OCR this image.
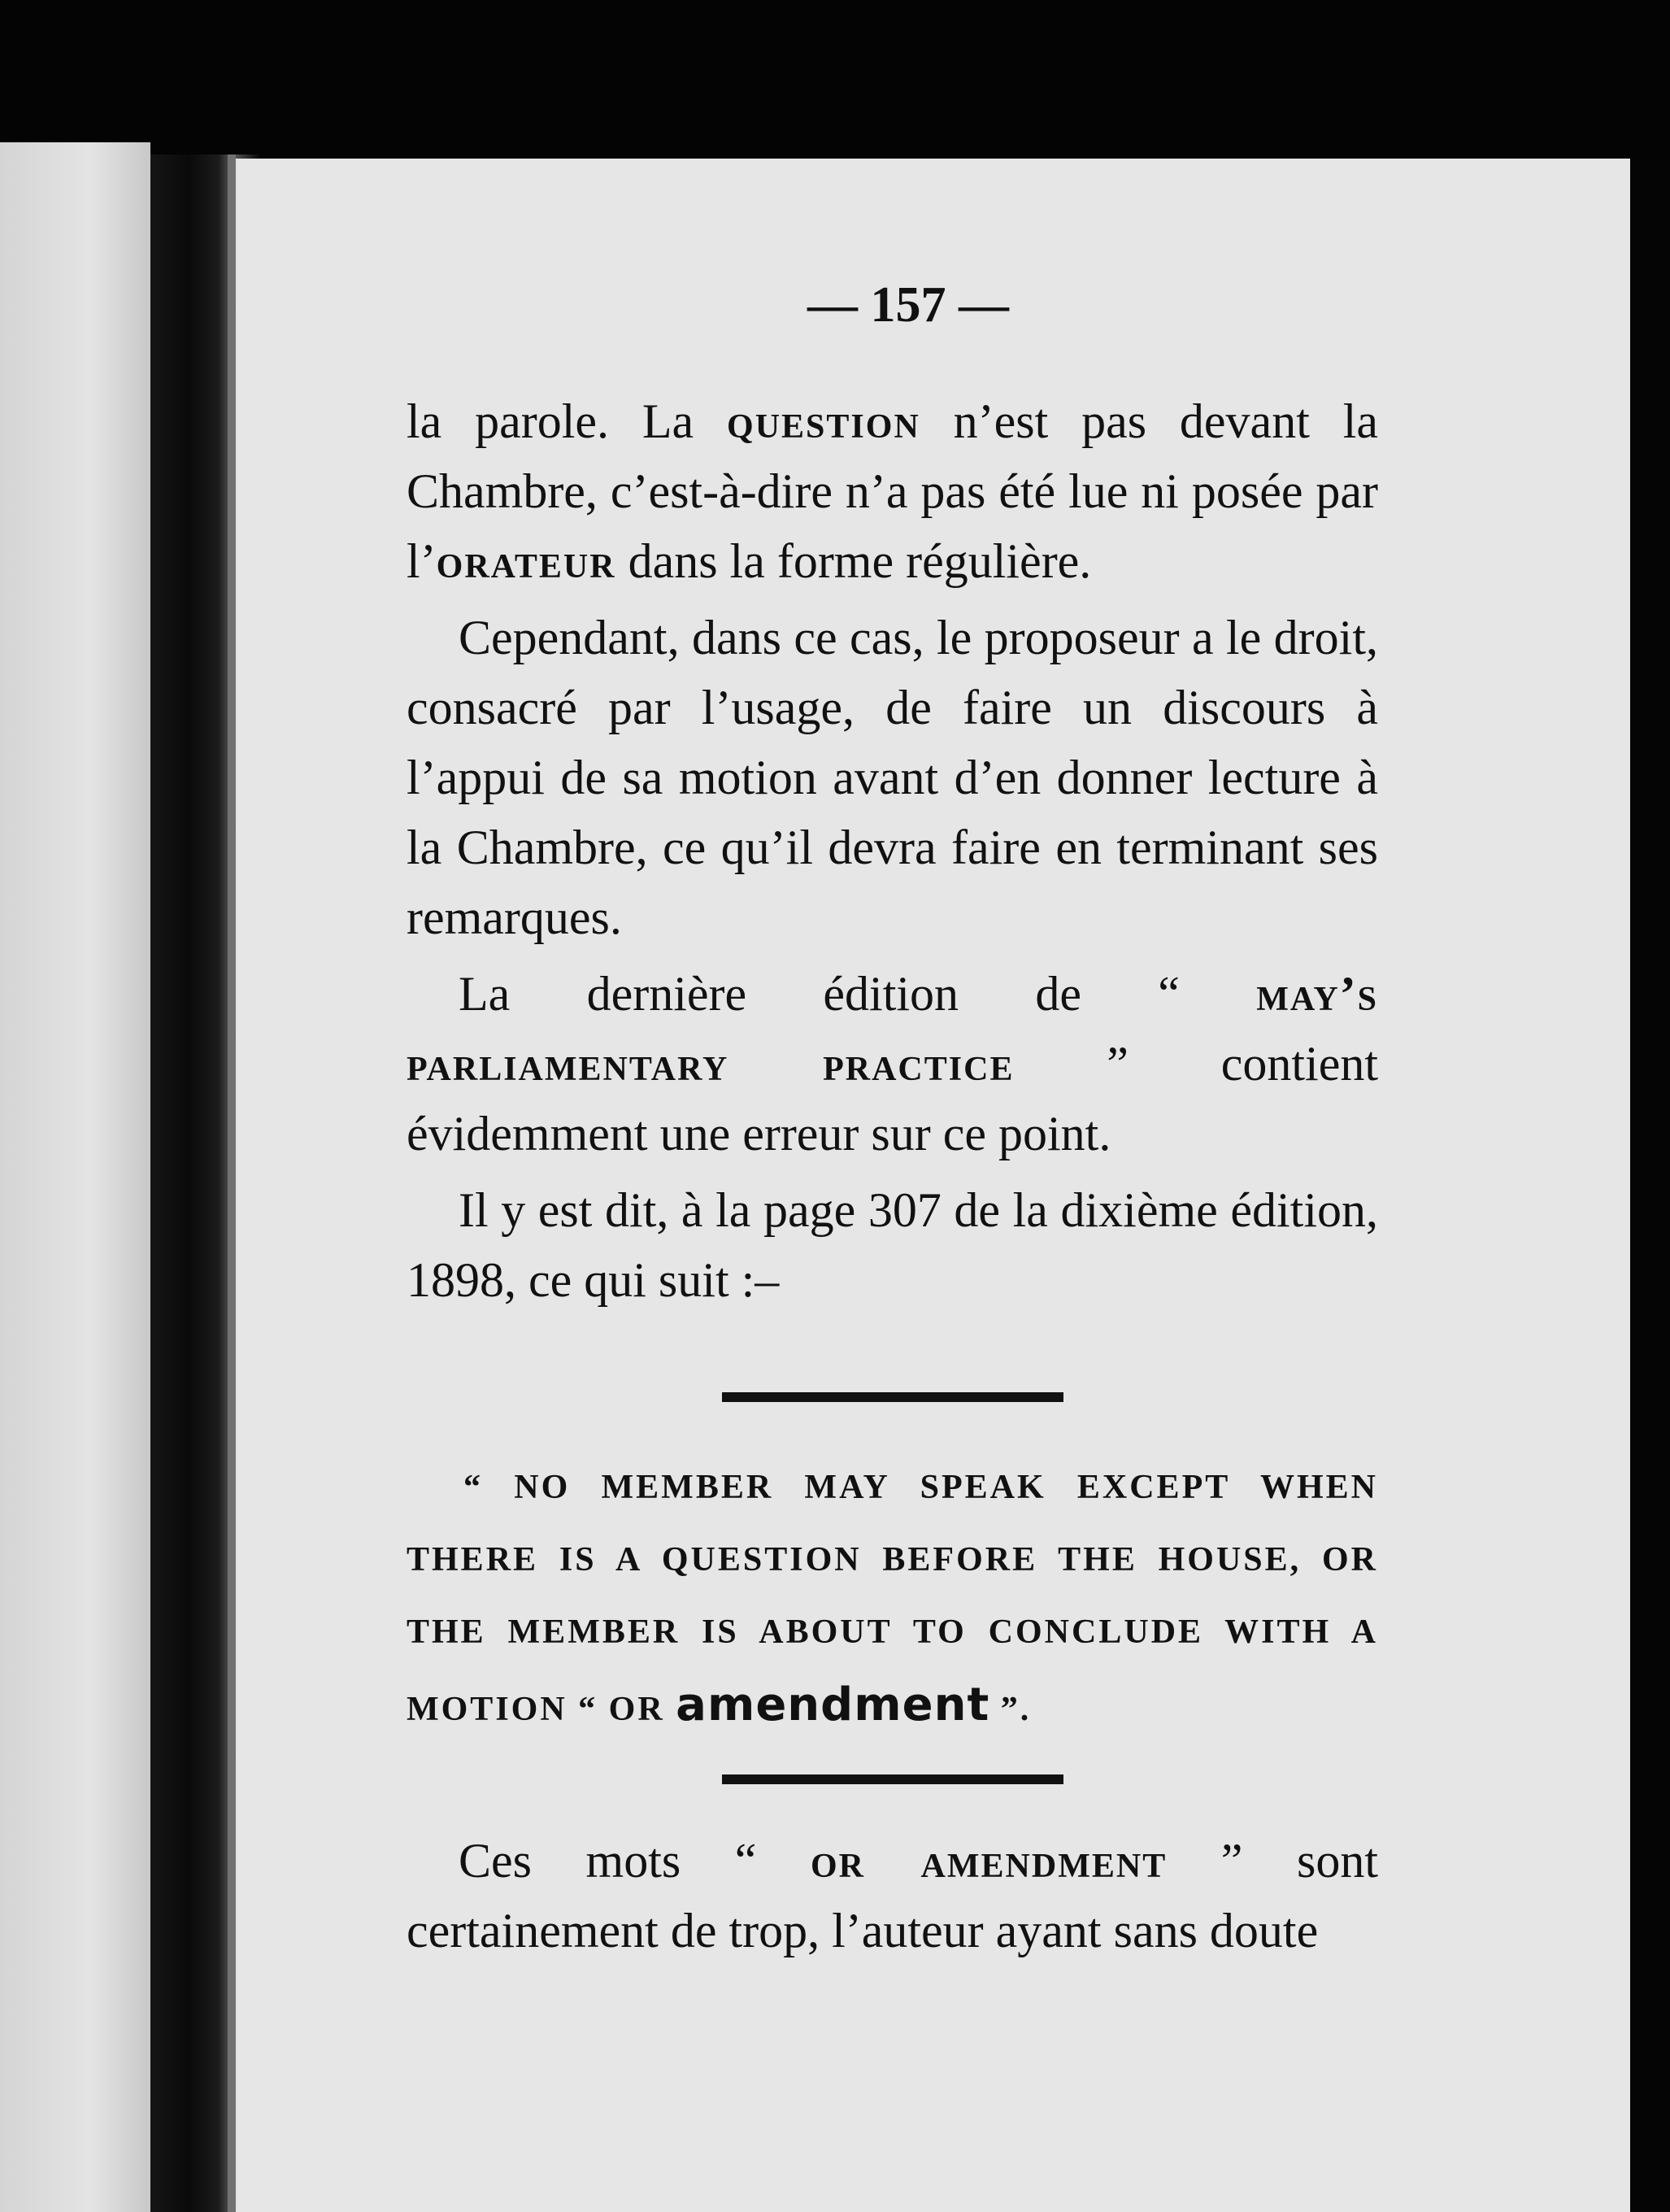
— 157 —

la parole. La question n’est pas devant la Chambre, c’est-à-dire n’a pas été lue ni posée par l’orateur dans la forme régulière.

Cependant, dans ce cas, le proposeur a le droit, consacré par l’usage, de faire un discours à l’appui de sa motion avant d’en donner lecture à la Chambre, ce qu’il devra faire en terminant ses remarques.

La dernière édition de “ may’s parliamentary practice ” contient évidemment une erreur sur ce point.

Il y est dit, à la page 307 de la dixième édition, 1898, ce qui suit :–

“ NO MEMBER MAY SPEAK EXCEPT WHEN THERE IS A QUESTION BEFORE THE HOUSE, OR THE MEMBER IS ABOUT TO CONCLUDE WITH A MOTION “ OR amendment ”.

Ces mots “ or amendment ” sont certainement de trop, l’auteur ayant sans doute
